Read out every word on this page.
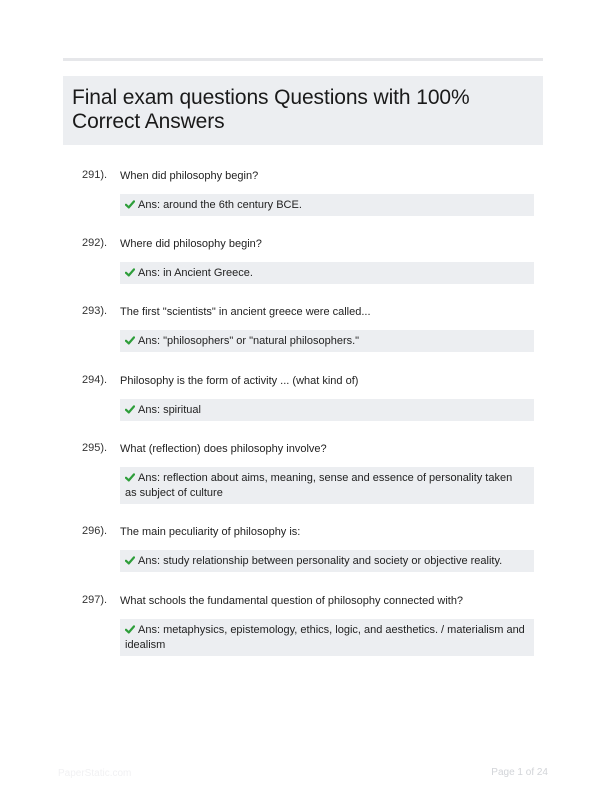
Final exam questions Questions with 100% Correct Answers
291). When did philosophy begin?
Ans: around the 6th century BCE.
292). Where did philosophy begin?
Ans: in Ancient Greece.
293). The first "scientists" in ancient greece were called...
Ans: "philosophers" or "natural philosophers."
294). Philosophy is the form of activity ... (what kind of)
Ans: spiritual
295). What (reflection) does philosophy involve?
Ans: reflection about aims, meaning, sense and essence of personality taken as subject of culture
296). The main peculiarity of philosophy is:
Ans: study relationship between personality and society or objective reality.
297). What schools the fundamental question of philosophy connected with?
Ans: metaphysics, epistemology, ethics, logic, and aesthetics. / materialism and idealism
PaperStatic.com	Page 1 of 24
